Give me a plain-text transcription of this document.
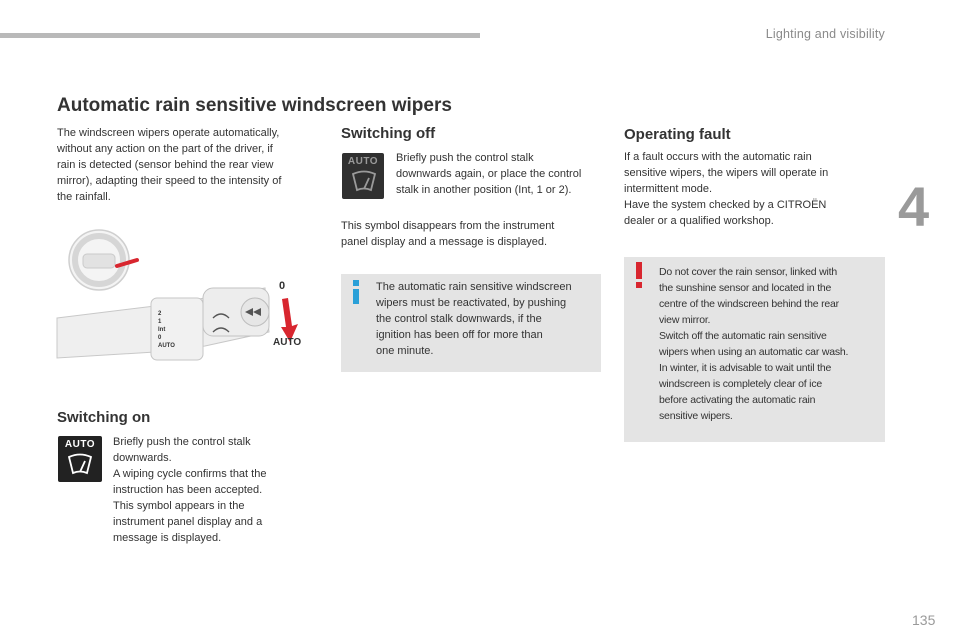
Lighting and visibility
4
Automatic rain sensitive windscreen wipers
The windscreen wipers operate automatically,
without any action on the part of the driver, if
rain is detected (sensor behind the rear view
mirror), adapting their speed to the intensity of
the rainfall.
2
1
Int
0
AUTO
0
AUTO
Switching on
AUTO	Briefly push the control stalk
downwards.
A wiping cycle confirms that the
instruction has been accepted.
This symbol appears in the
instrument panel display and a
message is displayed.
Switching off
AUTO	Briefly push the control stalk
downwards again, or place the control
stalk in another position (Int, 1 or 2).
This symbol disappears from the instrument
panel display and a message is displayed.
The automatic rain sensitive windscreen
wipers must be reactivated, by pushing
the control stalk downwards, if the
ignition has been off for more than
one minute.
Operating fault
If a fault occurs with the automatic rain
sensitive wipers, the wipers will operate in
intermittent mode.
Have the system checked by a CITROËN
dealer or a qualified workshop.
Do not cover the rain sensor, linked with
the sunshine sensor and located in the
centre of the windscreen behind the rear
view mirror.
Switch off the automatic rain sensitive
wipers when using an automatic car wash.
In winter, it is advisable to wait until the
windscreen is completely clear of ice
before activating the automatic rain
sensitive wipers.
135
